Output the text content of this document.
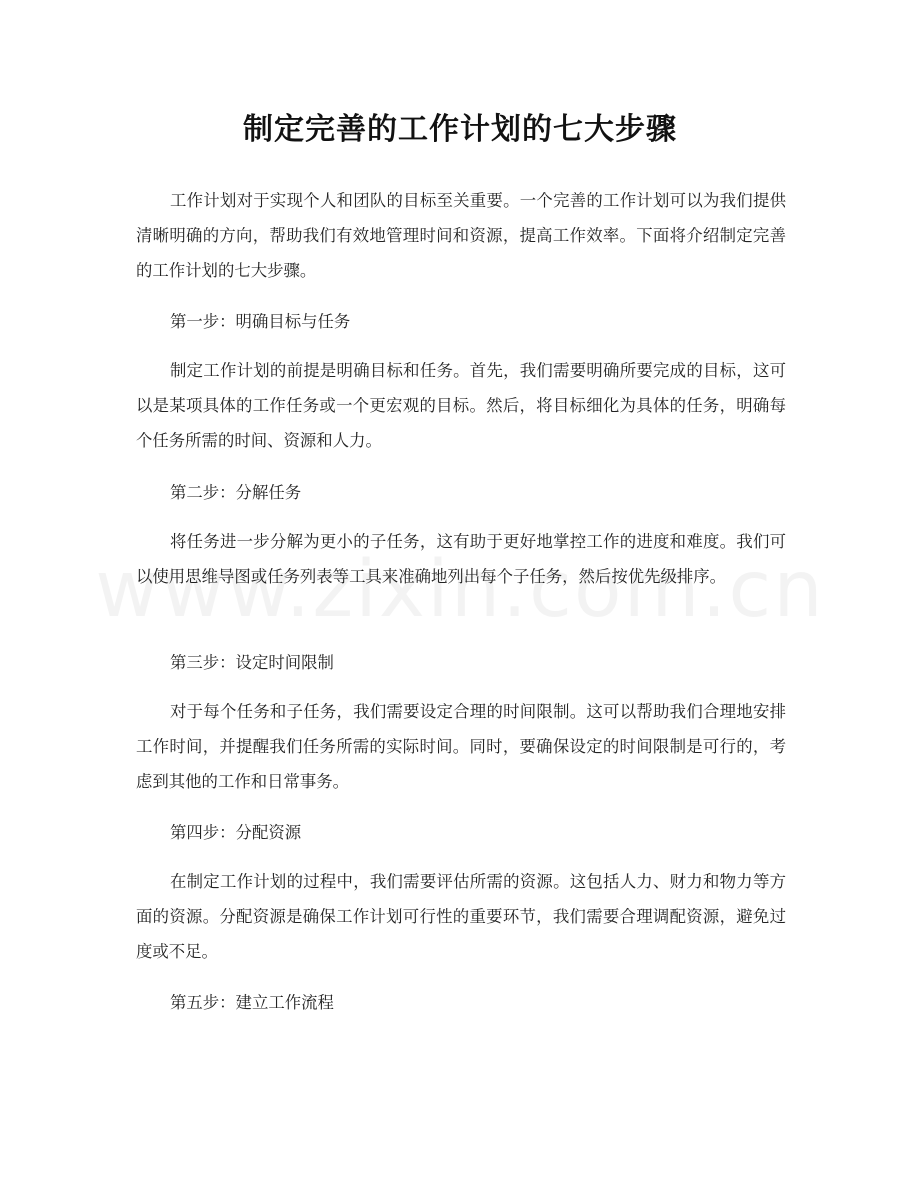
制定完善的工作计划的七大步骤
工作计划对于实现个人和团队的目标至关重要。一个完善的工作计划可以为我们提供清晰明确的方向，帮助我们有效地管理时间和资源，提高工作效率。下面将介绍制定完善的工作计划的七大步骤。
第一步：明确目标与任务
制定工作计划的前提是明确目标和任务。首先，我们需要明确所要完成的目标，这可以是某项具体的工作任务或一个更宏观的目标。然后，将目标细化为具体的任务，明确每个任务所需的时间、资源和人力。
第二步：分解任务
将任务进一步分解为更小的子任务，这有助于更好地掌控工作的进度和难度。我们可以使用思维导图或任务列表等工具来准确地列出每个子任务，然后按优先级排序。
第三步：设定时间限制
对于每个任务和子任务，我们需要设定合理的时间限制。这可以帮助我们合理地安排工作时间，并提醒我们任务所需的实际时间。同时，要确保设定的时间限制是可行的，考虑到其他的工作和日常事务。
第四步：分配资源
在制定工作计划的过程中，我们需要评估所需的资源。这包括人力、财力和物力等方面的资源。分配资源是确保工作计划可行性的重要环节，我们需要合理调配资源，避免过度或不足。
第五步：建立工作流程
